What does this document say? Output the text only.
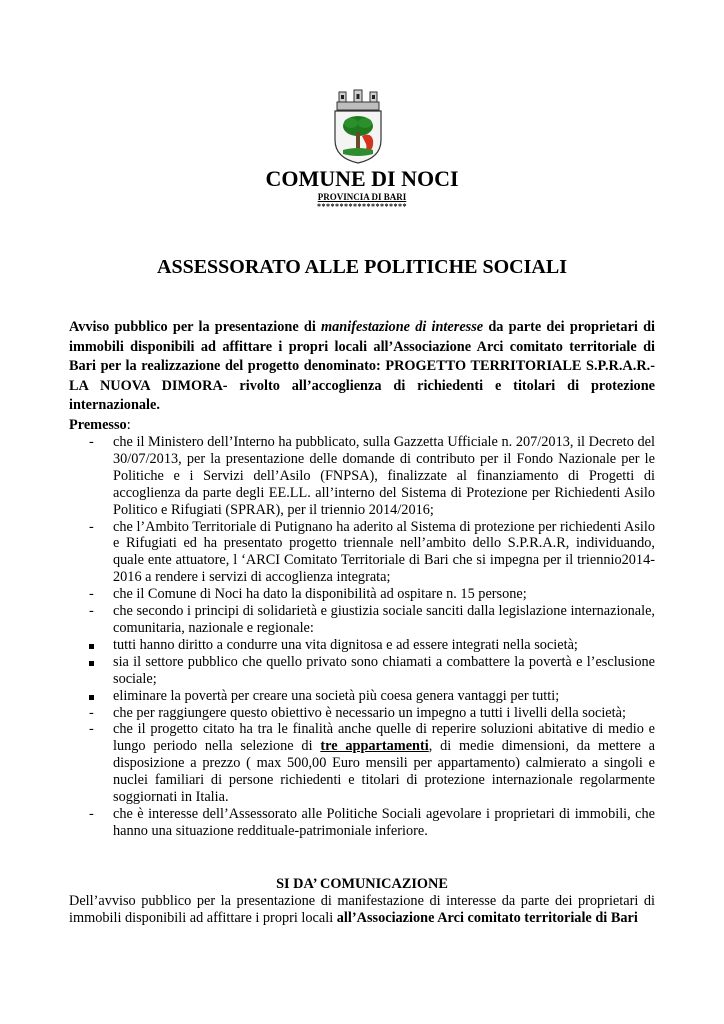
COMUNE DI NOCI
PROVINCIA DI BARI
********************
ASSESSORATO ALLE POLITICHE SOCIALI
Avviso pubblico per la presentazione di manifestazione di interesse da parte dei proprietari di immobili disponibili ad affittare i propri locali all’Associazione Arci comitato territoriale di Bari per la realizzazione del progetto denominato: PROGETTO TERRITORIALE S.P.R.A.R.- LA NUOVA DIMORA- rivolto all’accoglienza di richiedenti e titolari di protezione internazionale.
Premesso:
-	che il Ministero dell’Interno ha pubblicato, sulla Gazzetta Ufficiale n. 207/2013, il Decreto del 30/07/2013, per la presentazione delle domande di contributo per il Fondo Nazionale per le Politiche e i Servizi dell’Asilo (FNPSA), finalizzate al finanziamento di Progetti di accoglienza da parte degli EE.LL. all’interno del Sistema di Protezione per Richiedenti Asilo Politico e Rifugiati (SPRAR), per il triennio 2014/2016;
-	che l’Ambito Territoriale di Putignano ha aderito al Sistema di protezione per richiedenti Asilo e Rifugiati ed ha presentato progetto triennale nell’ambito dello S.P.R.A.R, individuando, quale ente attuatore, l ‘ARCI Comitato Territoriale di Bari che si impegna per il triennio2014-2016 a rendere i servizi di accoglienza integrata;
-	che il Comune di Noci ha dato la disponibilità ad ospitare n. 15 persone;
-	che secondo i principi di solidarietà e giustizia sociale sanciti dalla legislazione internazionale, comunitaria, nazionale e regionale:
tutti hanno diritto a condurre una vita dignitosa e ad essere integrati nella società;
sia il settore pubblico che quello privato sono chiamati a combattere la povertà e l’esclusione sociale;
eliminare la povertà per creare una società più coesa genera vantaggi per tutti;
-	che per raggiungere questo obiettivo è necessario un impegno a tutti i livelli della società;
-	che il progetto citato ha tra le finalità anche quelle di reperire soluzioni abitative di medio e lungo periodo nella selezione di tre appartamenti, di medie dimensioni, da mettere a disposizione a prezzo ( max 500,00 Euro mensili per appartamento) calmierato a singoli e nuclei familiari di persone richiedenti e titolari di protezione internazionale regolarmente soggiornati in Italia.
-	che è interesse dell’Assessorato alle Politiche Sociali agevolare i proprietari di immobili, che hanno una situazione reddituale-patrimoniale inferiore.
SI DA’ COMUNICAZIONE
Dell’avviso pubblico per la presentazione di manifestazione di interesse da parte dei proprietari di immobili disponibili ad affittare i propri locali all’Associazione Arci comitato territoriale di Bari
